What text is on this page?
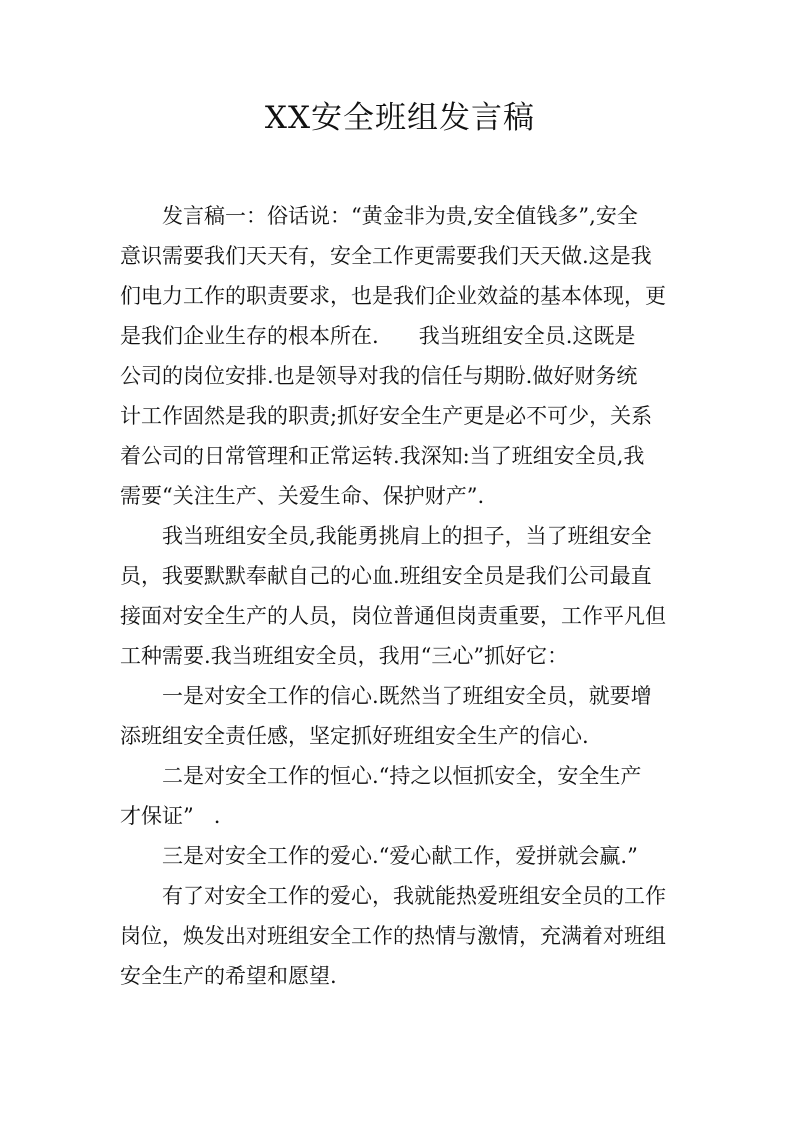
XX安全班组发言稿

发言稿一：俗话说：“黄金非为贵,安全值钱多”,安全
意识需要我们天天有，安全工作更需要我们天天做.这是我
们电力工作的职责要求，也是我们企业效益的基本体现，更
是我们企业生存的根本所在.      我当班组安全员.这既是
公司的岗位安排.也是领导对我的信任与期盼.做好财务统
计工作固然是我的职责;抓好安全生产更是必不可少，关系
着公司的日常管理和正常运转.我深知:当了班组安全员,我
需要“关注生产、关爱生命、保护财产”.

我当班组安全员,我能勇挑肩上的担子，当了班组安全
员，我要默默奉献自己的心血.班组安全员是我们公司最直
接面对安全生产的人员，岗位普通但岗责重要，工作平凡但
工种需要.我当班组安全员，我用“三心”抓好它：

一是对安全工作的信心.既然当了班组安全员，就要增
添班组安全责任感，坚定抓好班组安全生产的信心.

二是对安全工作的恒心.“持之以恒抓安全，安全生产
才保证”   .

三是对安全工作的爱心.“爱心献工作，爱拼就会赢.”

有了对安全工作的爱心，我就能热爱班组安全员的工作
岗位，焕发出对班组安全工作的热情与激情，充满着对班组
安全生产的希望和愿望.
